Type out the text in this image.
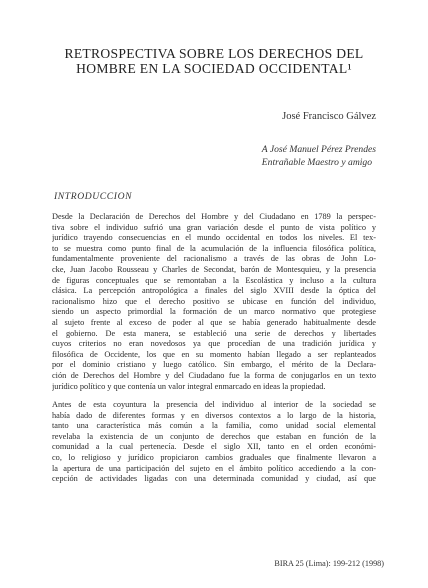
RETROSPECTIVA SOBRE LOS DERECHOS DEL
HOMBRE EN LA SOCIEDAD OCCIDENTAL¹
José Francisco Gálvez
A José Manuel Pérez Prendes
Entrañable Maestro y amigo
INTRODUCCION
Desde la Declaración de Derechos del Hombre y del Ciudadano en 1789 la perspec-
tiva sobre el individuo sufrió una gran variación desde el punto de vista político y
jurídico trayendo consecuencias en el mundo occidental en todos los niveles. El tex-
to se muestra como punto final de la acumulación de la influencia filosófica política,
fundamentalmente proveniente del racionalismo a través de las obras de John Lo-
cke, Juan Jacobo Rousseau y Charles de Secondat, barón de Montesquieu, y la presencia
de figuras conceptuales que se remontaban a la Escolástica y incluso a la cultura
clásica. La percepción antropológica a finales del siglo XVIII desde la óptica del
racionalismo hizo que el derecho positivo se ubicase en función del individuo,
siendo un aspecto primordial la formación de un marco normativo que protegiese
al sujeto frente al exceso de poder al que se había generado habitualmente desde
el gobierno. De esta manera, se estableció una serie de derechos y libertades
cuyos criterios no eran novedosos ya que procedían de una tradición jurídica y
filosófica de Occidente, los que en su momento habían llegado a ser replanteados
por el dominio cristiano y luego católico. Sin embargo, el mérito de la Declara-
ción de Derechos del Hombre y del Ciudadano fue la forma de conjugarlos en un texto
jurídico político y que contenía un valor integral enmarcado en ideas la propiedad.
Antes de esta coyuntura la presencia del individuo al interior de la sociedad se
había dado de diferentes formas y en diversos contextos a lo largo de la historia,
tanto una característica más común a la familia, como unidad social elemental
revelaba la existencia de un conjunto de derechos que estaban en función de la
comunidad a la cual pertenecía. Desde el siglo XII, tanto en el orden económi-
co, lo religioso y jurídico propiciaron cambios graduales que finalmente llevaron a
la apertura de una participación del sujeto en el ámbito político accediendo a la con-
cepción de actividades ligadas con una determinada comunidad y ciudad, así que
BIRA 25 (Lima): 199-212 (1998)
